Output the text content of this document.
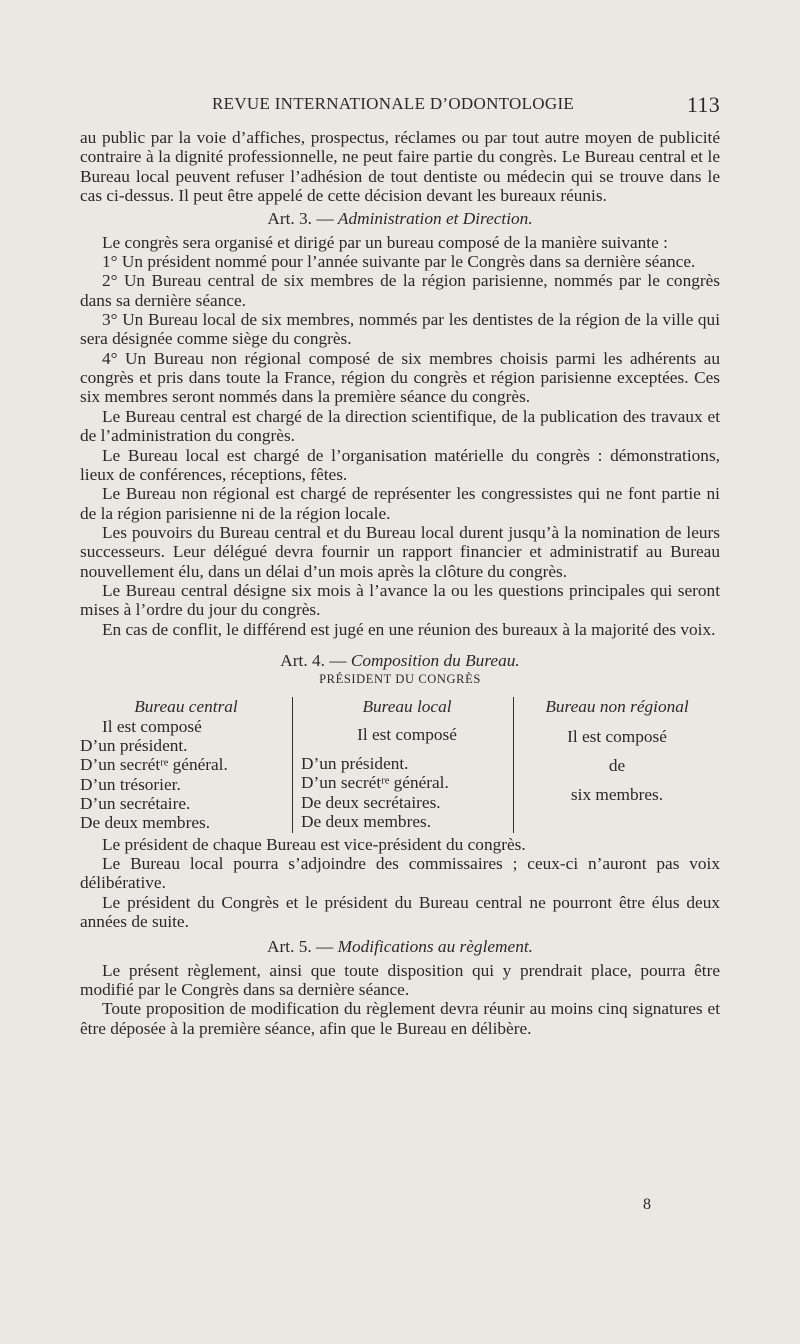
REVUE INTERNATIONALE D’ODONTOLOGIE	113

au public par la voie d’affiches, prospectus, réclames ou par tout autre moyen de publicité contraire à la dignité professionnelle, ne peut faire partie du congrès. Le Bureau central et le Bureau local peuvent refuser l’adhésion de tout dentiste ou médecin qui se trouve dans le cas ci-dessus. Il peut être appelé de cette décision devant les bureaux réunis.

Art. 3. — Administration et Direction.

Le congrès sera organisé et dirigé par un bureau composé de la manière suivante :

1° Un président nommé pour l’année suivante par le Congrès dans sa dernière séance.

2° Un Bureau central de six membres de la région parisienne, nommés par le congrès dans sa dernière séance.

3° Un Bureau local de six membres, nommés par les dentistes de la région de la ville qui sera désignée comme siège du congrès.

4° Un Bureau non régional composé de six membres choisis parmi les adhérents au congrès et pris dans toute la France, région du congrès et région parisienne exceptées. Ces six membres seront nommés dans la première séance du congrès.

Le Bureau central est chargé de la direction scientifique, de la publication des travaux et de l’administration du congrès.

Le Bureau local est chargé de l’organisation matérielle du congrès : démonstrations, lieux de conférences, réceptions, fêtes.

Le Bureau non régional est chargé de représenter les congressistes qui ne font partie ni de la région parisienne ni de la région locale.

Les pouvoirs du Bureau central et du Bureau local durent jusqu’à la nomination de leurs successeurs. Leur délégué devra fournir un rapport financier et administratif au Bureau nouvellement élu, dans un délai d’un mois après la clôture du congrès.

Le Bureau central désigne six mois à l’avance la ou les questions principales qui seront mises à l’ordre du jour du congrès.

En cas de conflit, le différend est jugé en une réunion des bureaux à la majorité des voix.

Art. 4. — Composition du Bureau.

PRÉSIDENT DU CONGRÈS

Bureau central
Il est composé
D’un président.
D’un secrétʳᵉ général.
D’un trésorier.
D’un secrétaire.
De deux membres.
Bureau local
Il est composé
D’un président.
D’un secrétʳᵉ général.
De deux secrétaires.
De deux membres.
Bureau non régional
Il est composé
de
six membres.

Le président de chaque Bureau est vice-président du congrès.

Le Bureau local pourra s’adjoindre des commissaires ; ceux-ci n’auront pas voix délibérative.

Le président du Congrès et le président du Bureau central ne pourront être élus deux années de suite.

Art. 5. — Modifications au règlement.

Le présent règlement, ainsi que toute disposition qui y prendrait place, pourra être modifié par le Congrès dans sa dernière séance.

Toute proposition de modification du règlement devra réunir au moins cinq signatures et être déposée à la première séance, afin que le Bureau en délibère.

8
